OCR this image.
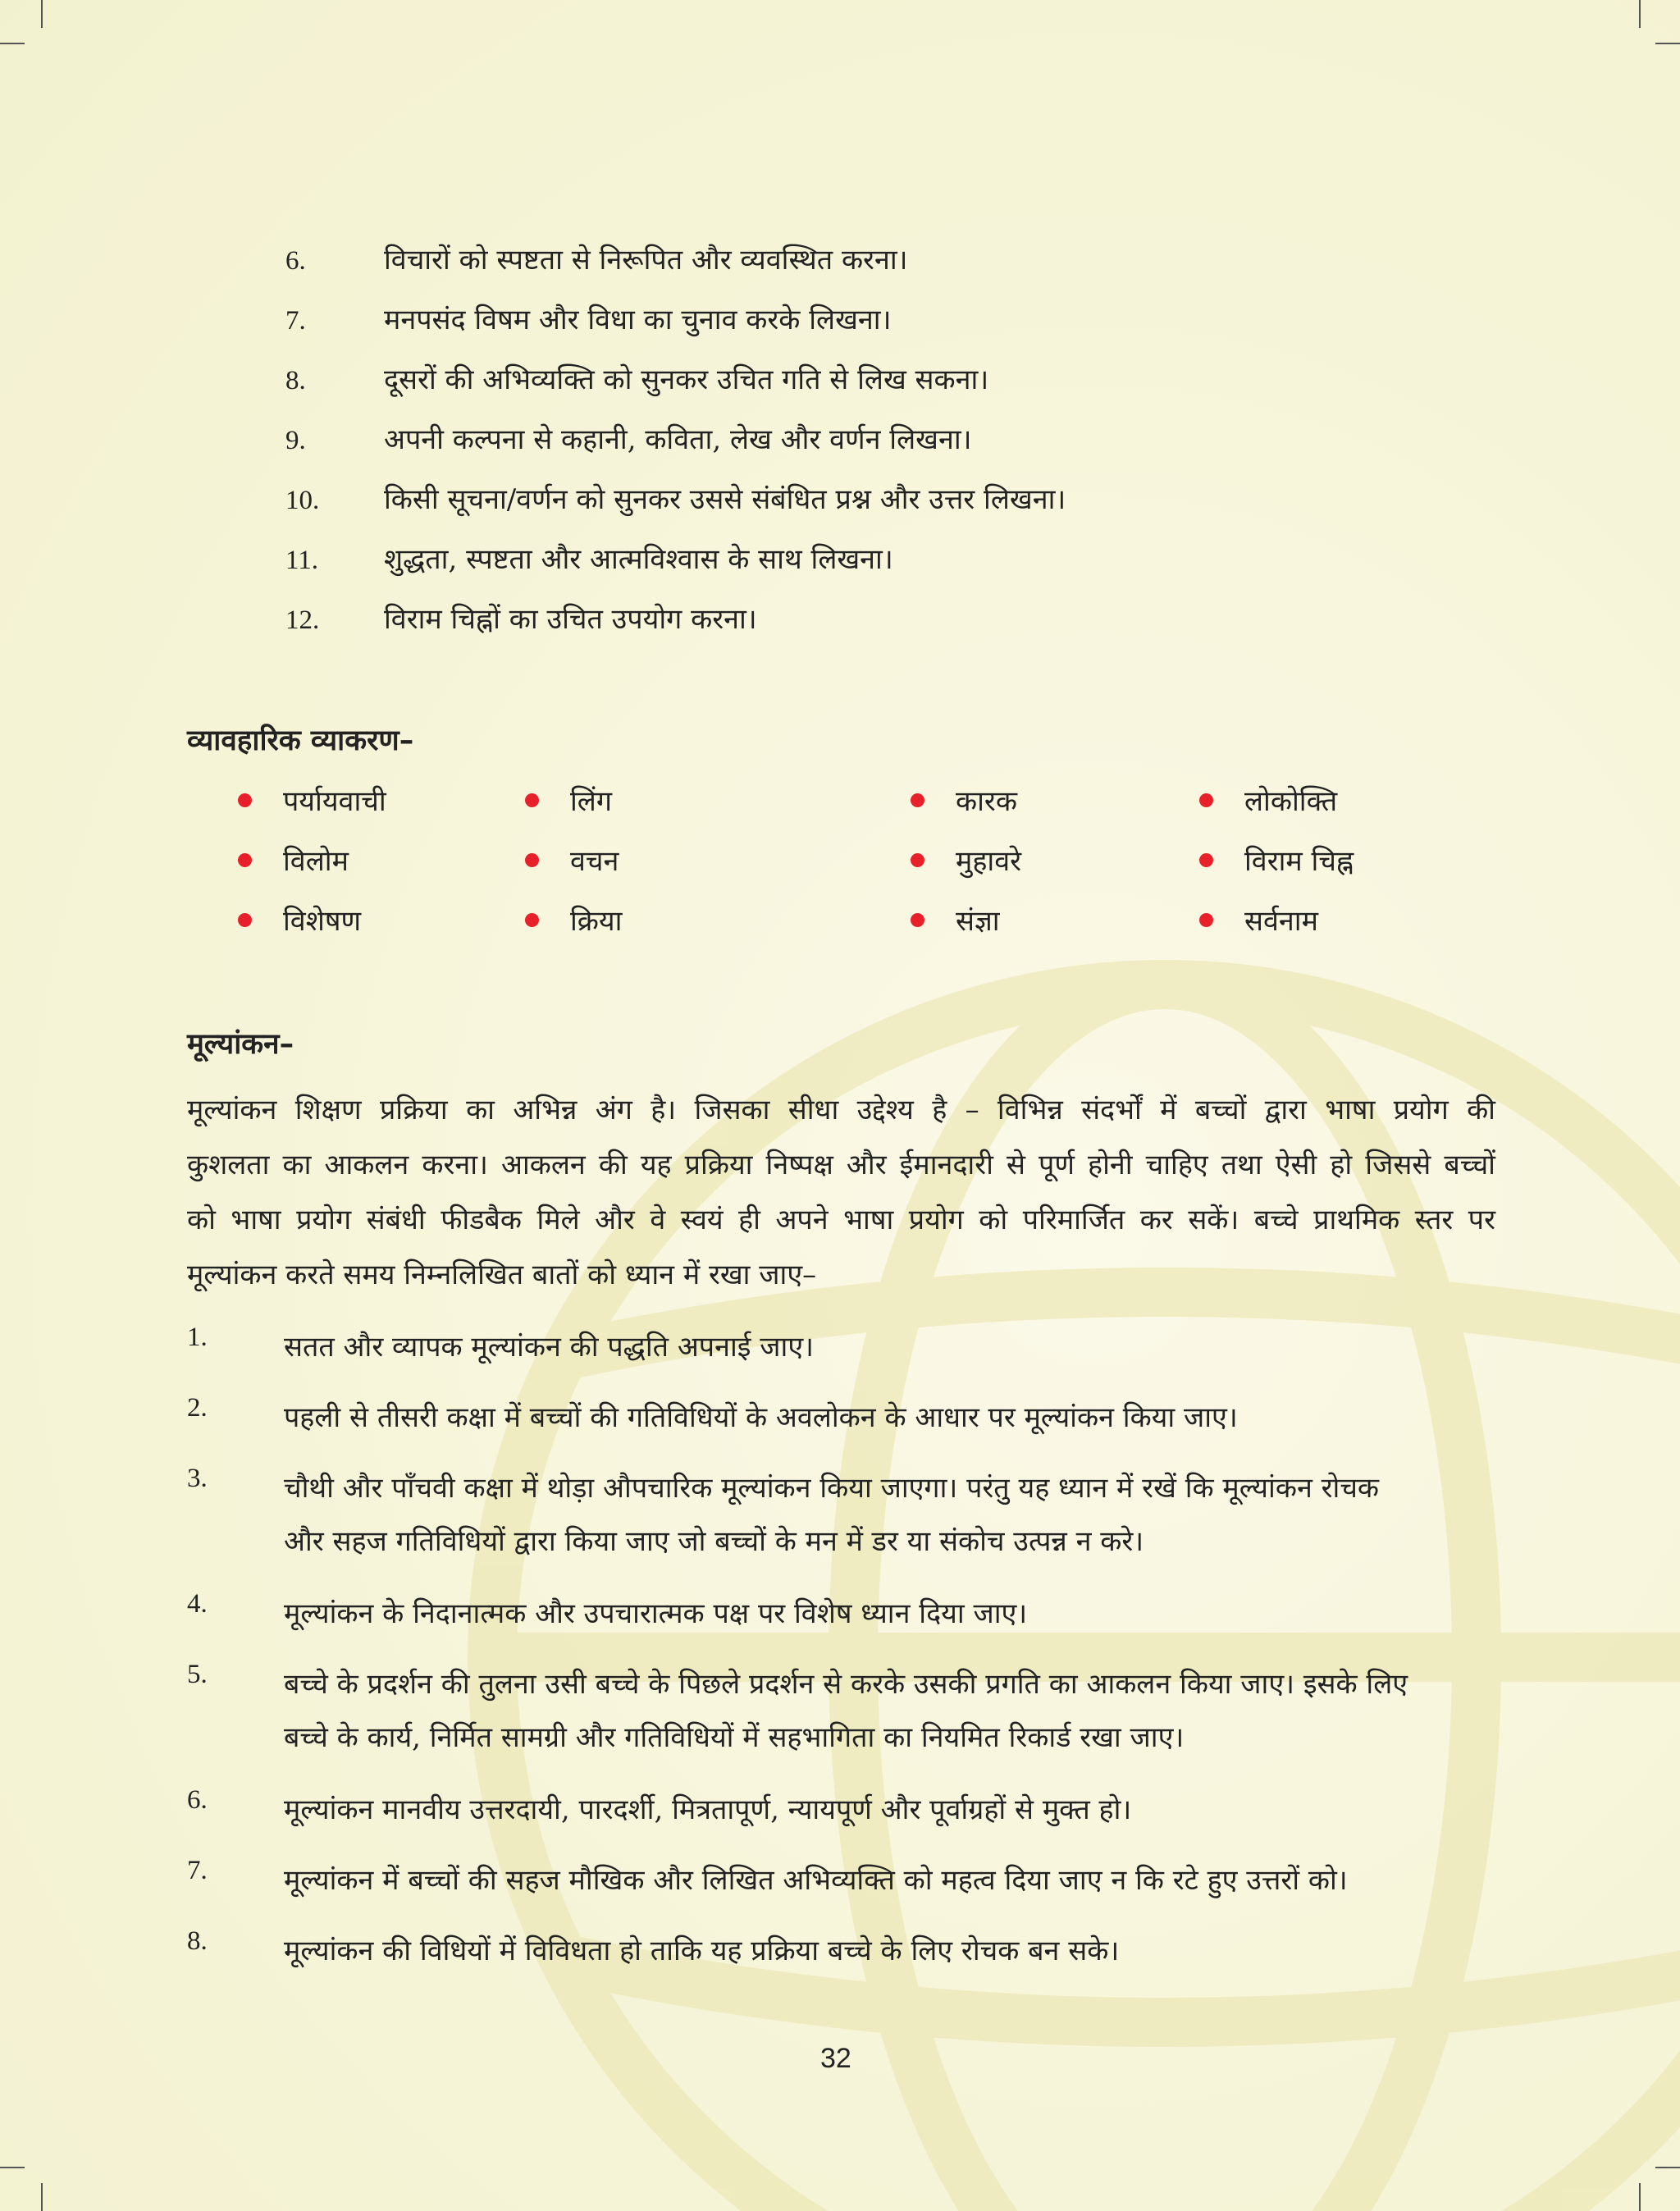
6.	विचारों को स्पष्टता से निरूपित और व्यवस्थित करना।
7.	मनपसंद विषम और विधा का चुनाव करके लिखना।
8.	दूसरों की अभिव्यक्ति को सुनकर उचित गति से लिख सकना।
9.	अपनी कल्पना से कहानी, कविता, लेख और वर्णन लिखना।
10.	किसी सूचना/वर्णन को सुनकर उससे संबंधित प्रश्न और उत्तर लिखना।
11.	शुद्धता, स्पष्टता और आत्मविश्वास के साथ लिखना।
12.	विराम चिह्नों का उचित उपयोग करना।
व्यावहारिक व्याकरण–
पर्यायवाची	लिंग	कारक	लोकोक्ति
विलोम	वचन	मुहावरे	विराम चिह्न
विशेषण	क्रिया	संज्ञा	सर्वनाम
मूल्यांकन–
मूल्यांकन शिक्षण प्रक्रिया का अभिन्न अंग है। जिसका सीधा उद्देश्य है – विभिन्न संदर्भों में बच्चों द्वारा भाषा प्रयोग की
कुशलता का आकलन करना। आकलन की यह प्रक्रिया निष्पक्ष और ईमानदारी से पूर्ण होनी चाहिए तथा ऐसी हो जिससे बच्चों
को भाषा प्रयोग संबंधी फीडबैक मिले और वे स्वयं ही अपने भाषा प्रयोग को परिमार्जित कर सकें। बच्चे प्राथमिक स्तर पर
मूल्यांकन करते समय निम्नलिखित बातों को ध्यान में रखा जाए–
1.	सतत और व्यापक मूल्यांकन की पद्धति अपनाई जाए।
2.	पहली से तीसरी कक्षा में बच्चों की गतिविधियों के अवलोकन के आधार पर मूल्यांकन किया जाए।
3.	चौथी और पाँचवी कक्षा में थोड़ा औपचारिक मूल्यांकन किया जाएगा। परंतु यह ध्यान में रखें कि मूल्यांकन रोचक
और सहज गतिविधियों द्वारा किया जाए जो बच्चों के मन में डर या संकोच उत्पन्न न करे।
4.	मूल्यांकन के निदानात्मक और उपचारात्मक पक्ष पर विशेष ध्यान दिया जाए।
5.	बच्चे के प्रदर्शन की तुलना उसी बच्चे के पिछले प्रदर्शन से करके उसकी प्रगति का आकलन किया जाए। इसके लिए
बच्चे के कार्य, निर्मित सामग्री और गतिविधियों में सहभागिता का नियमित रिकार्ड रखा जाए।
6.	मूल्यांकन मानवीय उत्तरदायी, पारदर्शी, मित्रतापूर्ण, न्यायपूर्ण और पूर्वाग्रहों से मुक्त हो।
7.	मूल्यांकन में बच्चों की सहज मौखिक और लिखित अभिव्यक्ति को महत्व दिया जाए न कि रटे हुए उत्तरों को।
8.	मूल्यांकन की विधियों में विविधता हो ताकि यह प्रक्रिया बच्चे के लिए रोचक बन सके।
32
